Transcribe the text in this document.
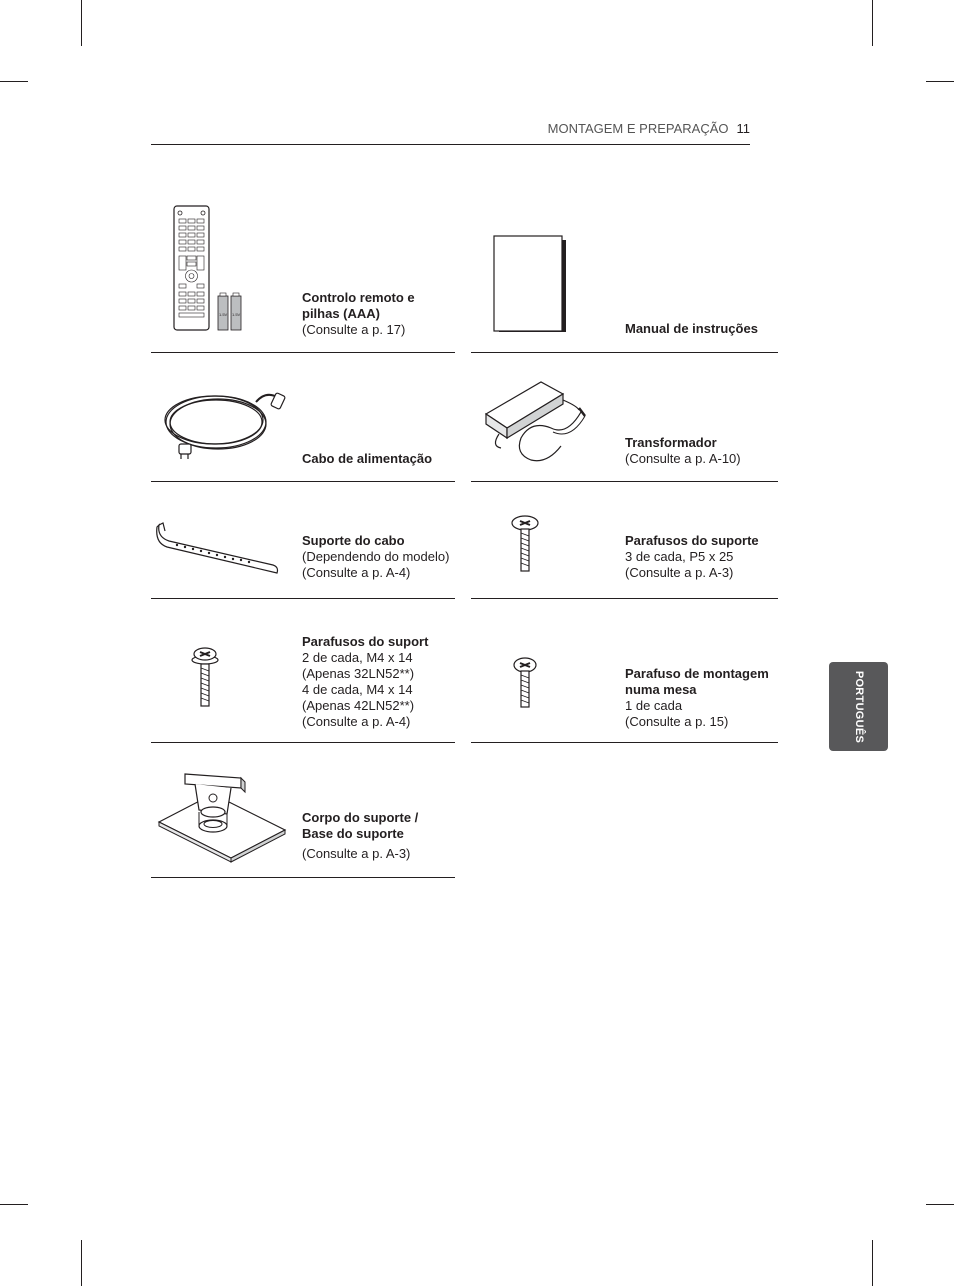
MONTAGEM E PREPARAÇÃO 11
PORTUGUÊS
1.5V 1.5V
Controlo remoto e
pilhas (AAA)
(Consulte a p. 17)	Manual de instruções
Cabo de alimentação
Transformador
(Consulte a p. A-10)
Suporte do cabo
(Dependendo do modelo)
(Consulte a p. A-4)
Parafusos do suporte
3 de cada, P5 x 25
(Consulte a p. A-3)
Parafusos do suport
2 de cada, M4 x 14
(Apenas 32LN52**)
4 de cada, M4 x 14
(Apenas 42LN52**)
(Consulte a p. A-4)
Parafuso de montagem
numa mesa
1 de cada
(Consulte a p. 15)
Corpo do suporte /
Base do suporte
(Consulte a p. A-3)
